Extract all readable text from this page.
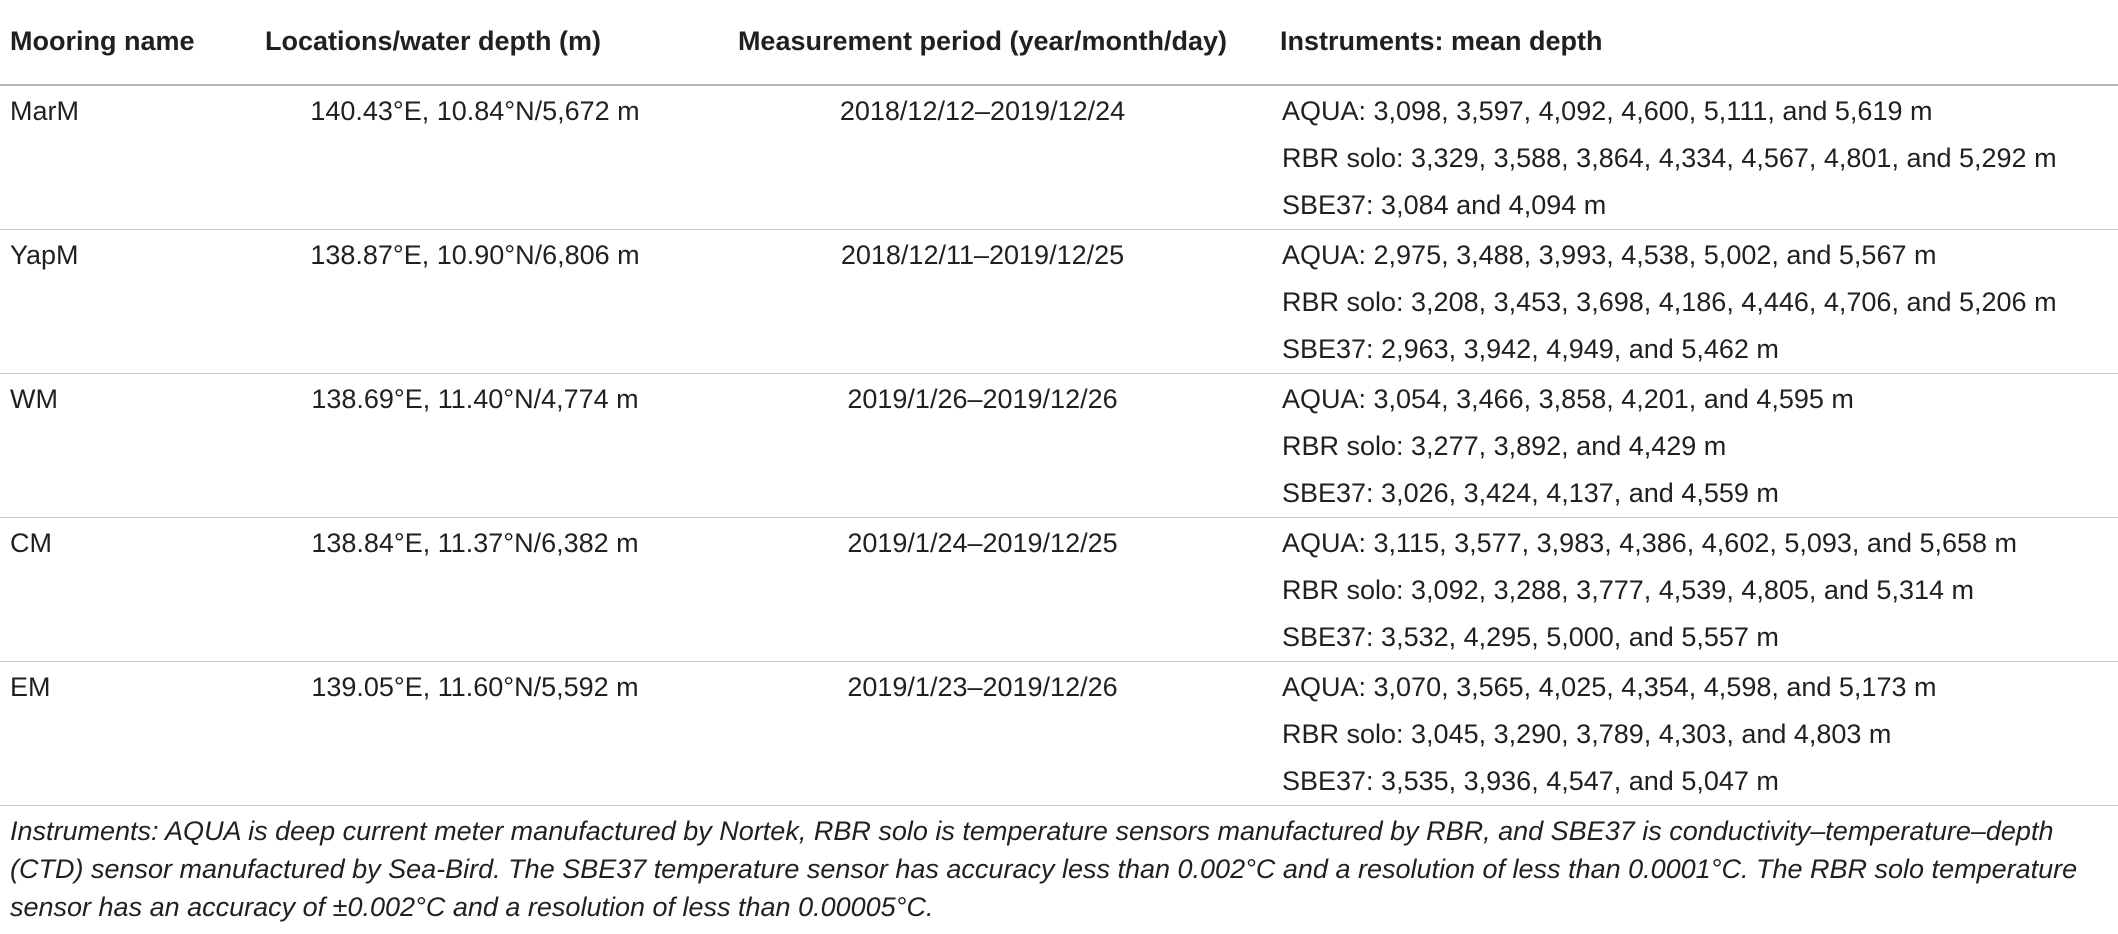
Mooring name	Locations/water depth (m)	Measurement period (year/month/day)	Instruments: mean depth
MarM	140.43°E, 10.84°N/5,672 m	2018/12/12–2019/12/24	AQUA: 3,098, 3,597, 4,092, 4,600, 5,111, and 5,619 m
			RBR solo: 3,329, 3,588, 3,864, 4,334, 4,567, 4,801, and 5,292 m
			SBE37: 3,084 and 4,094 m
YapM	138.87°E, 10.90°N/6,806 m	2018/12/11–2019/12/25	AQUA: 2,975, 3,488, 3,993, 4,538, 5,002, and 5,567 m
			RBR solo: 3,208, 3,453, 3,698, 4,186, 4,446, 4,706, and 5,206 m
			SBE37: 2,963, 3,942, 4,949, and 5,462 m
WM	138.69°E, 11.40°N/4,774 m	2019/1/26–2019/12/26	AQUA: 3,054, 3,466, 3,858, 4,201, and 4,595 m
			RBR solo: 3,277, 3,892, and 4,429 m
			SBE37: 3,026, 3,424, 4,137, and 4,559 m
CM	138.84°E, 11.37°N/6,382 m	2019/1/24–2019/12/25	AQUA: 3,115, 3,577, 3,983, 4,386, 4,602, 5,093, and 5,658 m
			RBR solo: 3,092, 3,288, 3,777, 4,539, 4,805, and 5,314 m
			SBE37: 3,532, 4,295, 5,000, and 5,557 m
EM	139.05°E, 11.60°N/5,592 m	2019/1/23–2019/12/26	AQUA: 3,070, 3,565, 4,025, 4,354, 4,598, and 5,173 m
			RBR solo: 3,045, 3,290, 3,789, 4,303, and 4,803 m
			SBE37: 3,535, 3,936, 4,547, and 5,047 m
Instruments: AQUA is deep current meter manufactured by Nortek, RBR solo is temperature sensors manufactured by RBR, and SBE37 is conductivity–temperature–depth (CTD) sensor manufactured by Sea-Bird. The SBE37 temperature sensor has accuracy less than 0.002°C and a resolution of less than 0.0001°C. The RBR solo temperature sensor has an accuracy of ±0.002°C and a resolution of less than 0.00005°C.
